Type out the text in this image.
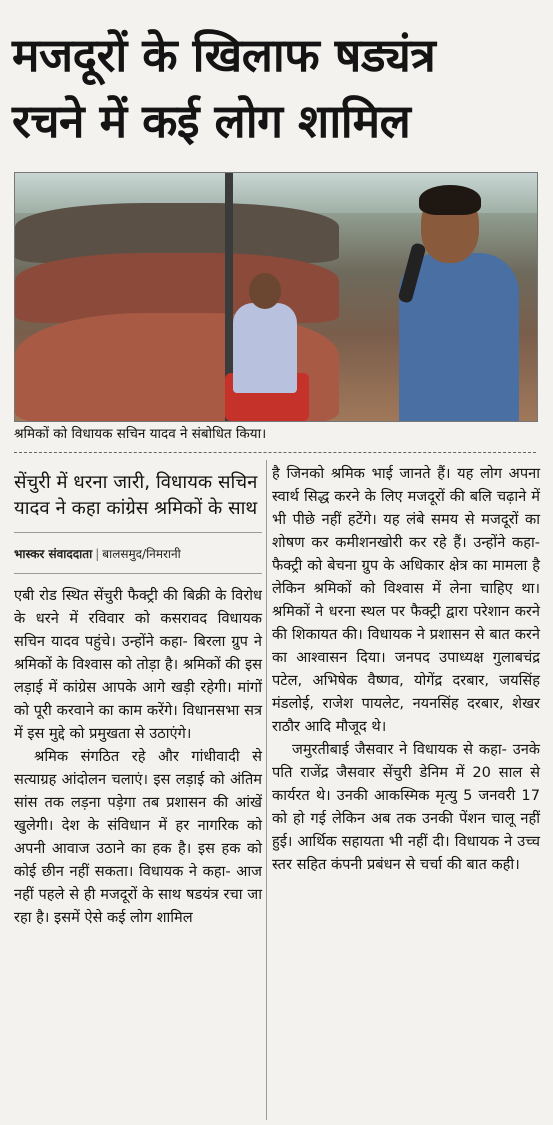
मजदूरों के खिलाफ षड्यंत्र
रचने में कई लोग शामिल
श्रमिकों को विधायक सचिन यादव ने संबोधित किया।
सेंचुरी में धरना जारी, विधायक सचिन यादव ने कहा कांग्रेस श्रमिकों के साथ
भास्कर संवाददाता | बालसमुद/निमरानी

एबी रोड स्थित सेंचुरी फैक्ट्री की बिक्री के विरोध के धरने में रविवार को कसरावद विधायक सचिन यादव पहुंचे। उन्होंने कहा- बिरला ग्रुप ने श्रमिकों के विश्वास को तोड़ा है। श्रमिकों की इस लड़ाई में कांग्रेस आपके आगे खड़ी रहेगी। मांगों को पूरी करवाने का काम करेंगे। विधानसभा सत्र में इस मुद्दे को प्रमुखता से उठाएंगे।

श्रमिक संगठित रहे और गांधीवादी से सत्याग्रह आंदोलन चलाएं। इस लड़ाई को अंतिम सांस तक लड़ना पड़ेगा तब प्रशासन की आंखें खुलेगी। देश के संविधान में हर नागरिक को अपनी आवाज उठाने का हक है। इस हक को कोई छीन नहीं सकता। विधायक ने कहा- आज नहीं पहले से ही मजदूरों के साथ षडयंत्र रचा जा रहा है। इसमें ऐसे कई लोग शामिल

है जिनको श्रमिक भाई जानते हैं। यह लोग अपना स्वार्थ सिद्ध करने के लिए मजदूरों की बलि चढ़ाने में भी पीछे नहीं हटेंगे। यह लंबे समय से मजदूरों का शोषण कर कमीशनखोरी कर रहे हैं। उन्होंने कहा- फैक्ट्री को बेचना ग्रुप के अधिकार क्षेत्र का मामला है लेकिन श्रमिकों को विश्वास में लेना चाहिए था। श्रमिकों ने धरना स्थल पर फैक्ट्री द्वारा परेशान करने की शिकायत की। विधायक ने प्रशासन से बात करने का आश्वासन दिया। जनपद उपाध्यक्ष गुलाबचंद्र पटेल, अभिषेक वैष्णव, योगेंद्र दरबार, जयसिंह मंडलोई, राजेश पायलेट, नयनसिंह दरबार, शेखर राठौर आदि मौजूद थे।

जमुरतीबाई जैसवार ने विधायक से कहा- उनके पति राजेंद्र जैसवार सेंचुरी डेनिम में 20 साल से कार्यरत थे। उनकी आकस्मिक मृत्यु 5 जनवरी 17 को हो गई लेकिन अब तक उनकी पेंशन चालू नहीं हुई। आर्थिक सहायता भी नहीं दी। विधायक ने उच्च स्तर सहित कंपनी प्रबंधन से चर्चा की बात कही।
